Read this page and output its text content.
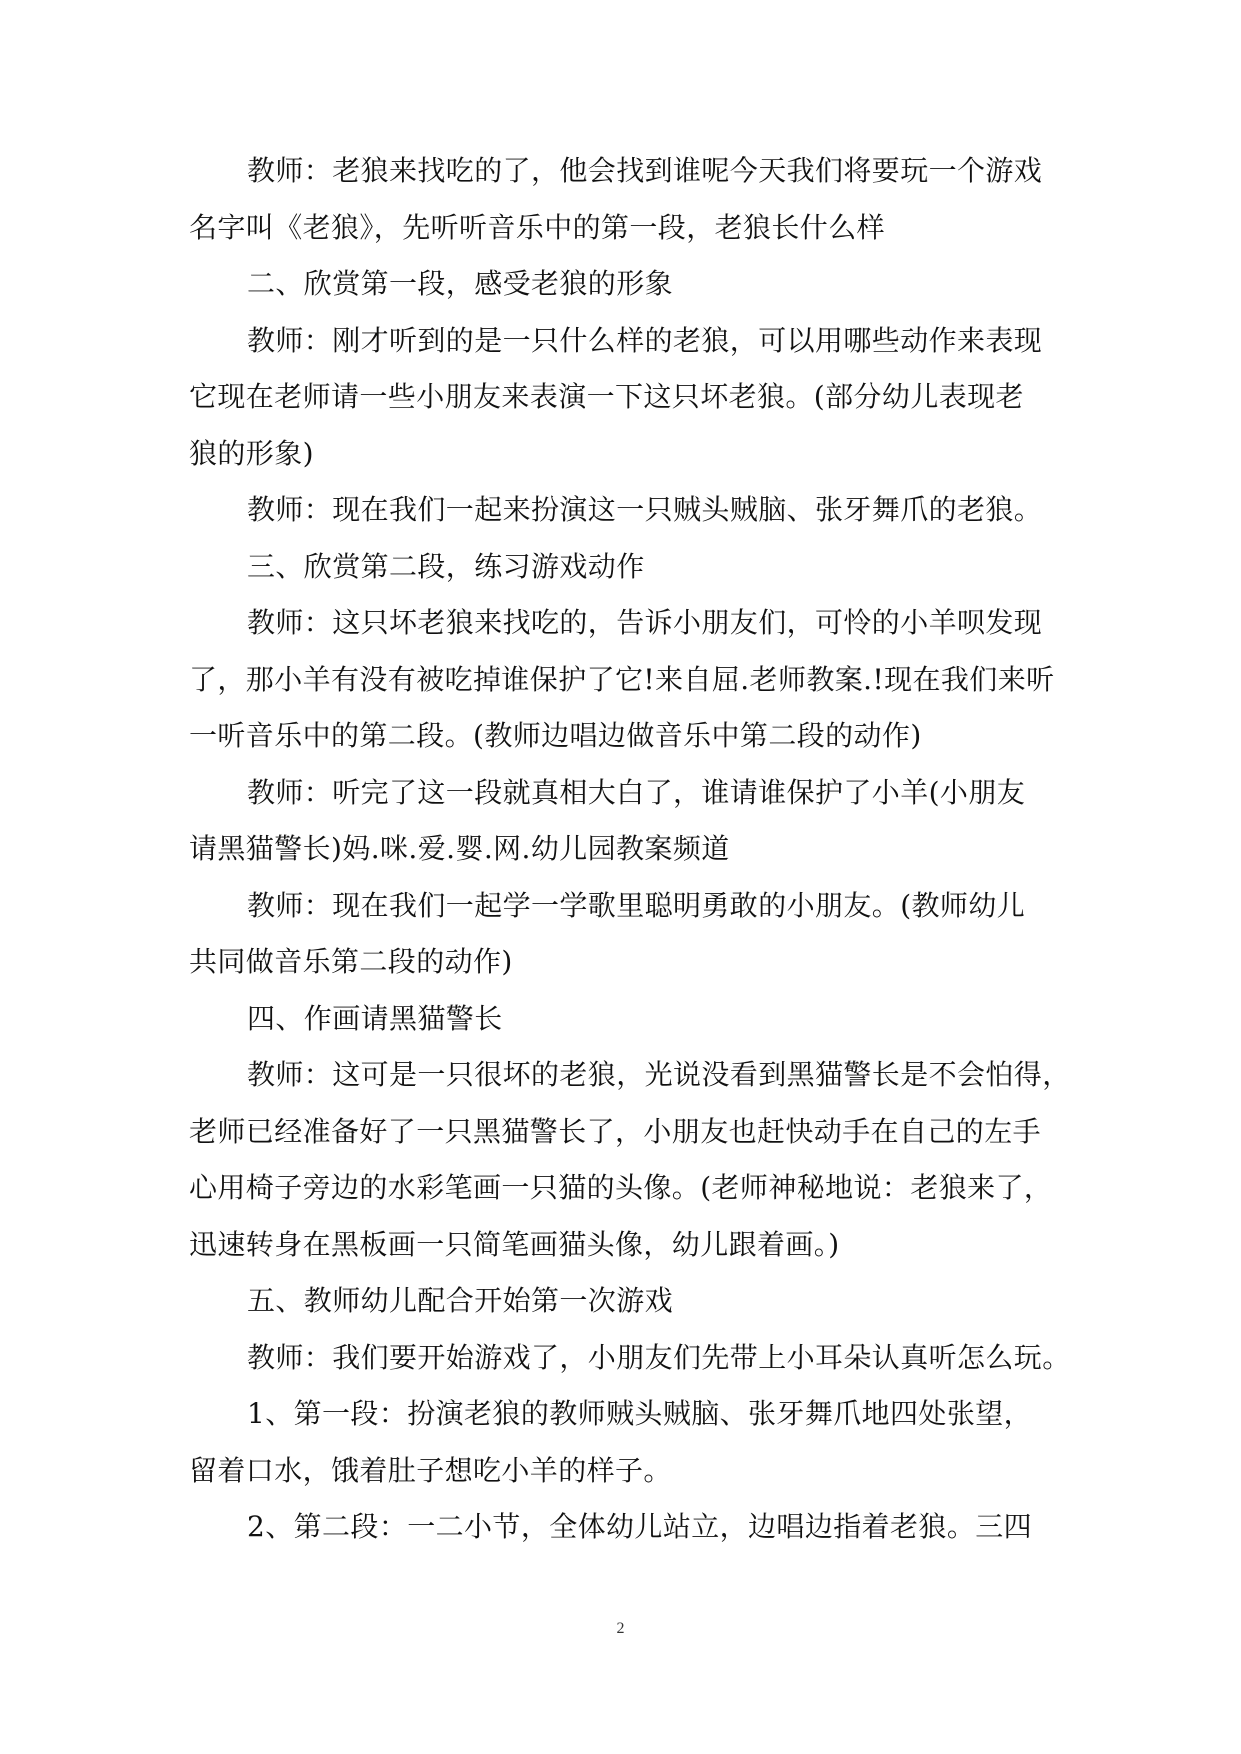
教师：老狼来找吃的了，他会找到谁呢今天我们将要玩一个游戏

名字叫《老狼》，先听听音乐中的第一段，老狼长什么样

二、欣赏第一段，感受老狼的形象

教师：刚才听到的是一只什么样的老狼，可以用哪些动作来表现

它现在老师请一些小朋友来表演一下这只坏老狼。(部分幼儿表现老

狼的形象)

教师：现在我们一起来扮演这一只贼头贼脑、张牙舞爪的老狼。

三、欣赏第二段，练习游戏动作

教师：这只坏老狼来找吃的，告诉小朋友们，可怜的小羊呗发现

了，那小羊有没有被吃掉谁保护了它!来自屈.老师教案.!现在我们来听

一听音乐中的第二段。(教师边唱边做音乐中第二段的动作)

教师：听完了这一段就真相大白了，谁请谁保护了小羊(小朋友

请黑猫警长)妈.咪.爱.婴.网.幼儿园教案频道

教师：现在我们一起学一学歌里聪明勇敢的小朋友。(教师幼儿

共同做音乐第二段的动作)

四、作画请黑猫警长

教师：这可是一只很坏的老狼，光说没看到黑猫警长是不会怕得，

老师已经准备好了一只黑猫警长了，小朋友也赶快动手在自己的左手

心用椅子旁边的水彩笔画一只猫的头像。(老师神秘地说：老狼来了，

迅速转身在黑板画一只简笔画猫头像，幼儿跟着画。)

五、教师幼儿配合开始第一次游戏

教师：我们要开始游戏了，小朋友们先带上小耳朵认真听怎么玩。

1、第一段：扮演老狼的教师贼头贼脑、张牙舞爪地四处张望，

留着口水，饿着肚子想吃小羊的样子。

2、第二段：一二小节，全体幼儿站立，边唱边指着老狼。三四

2
